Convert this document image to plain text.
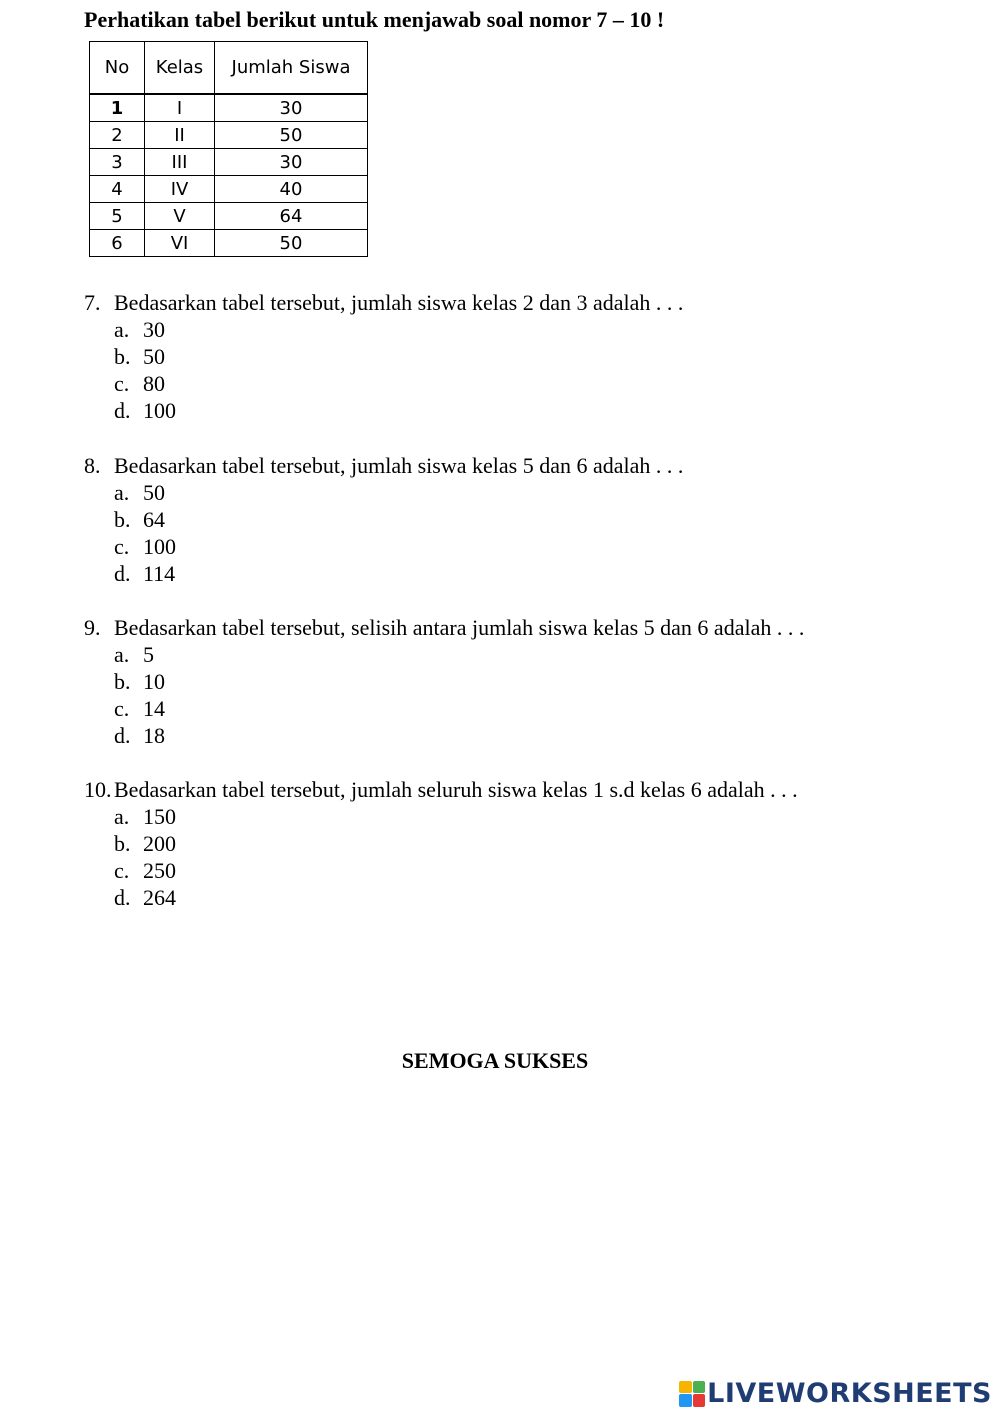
Perhatikan tabel berikut untuk menjawab soal nomor 7 – 10 !
No	Kelas	Jumlah Siswa
1	I	30
2	II	50
3	III	30
4	IV	40
5	V	64
6	VI	50
7. Bedasarkan tabel tersebut, jumlah siswa kelas 2 dan 3 adalah . . .
a. 30
b. 50
c. 80
d. 100
8. Bedasarkan tabel tersebut, jumlah siswa kelas 5 dan 6 adalah . . .
a. 50
b. 64
c. 100
d. 114
9. Bedasarkan tabel tersebut, selisih antara jumlah siswa kelas 5 dan 6 adalah . . .
a. 5
b. 10
c. 14
d. 18
10. Bedasarkan tabel tersebut, jumlah seluruh siswa kelas 1 s.d kelas 6 adalah . . .
a. 150
b. 200
c. 250
d. 264
SEMOGA SUKSES
LIVEWORKSHEETS
